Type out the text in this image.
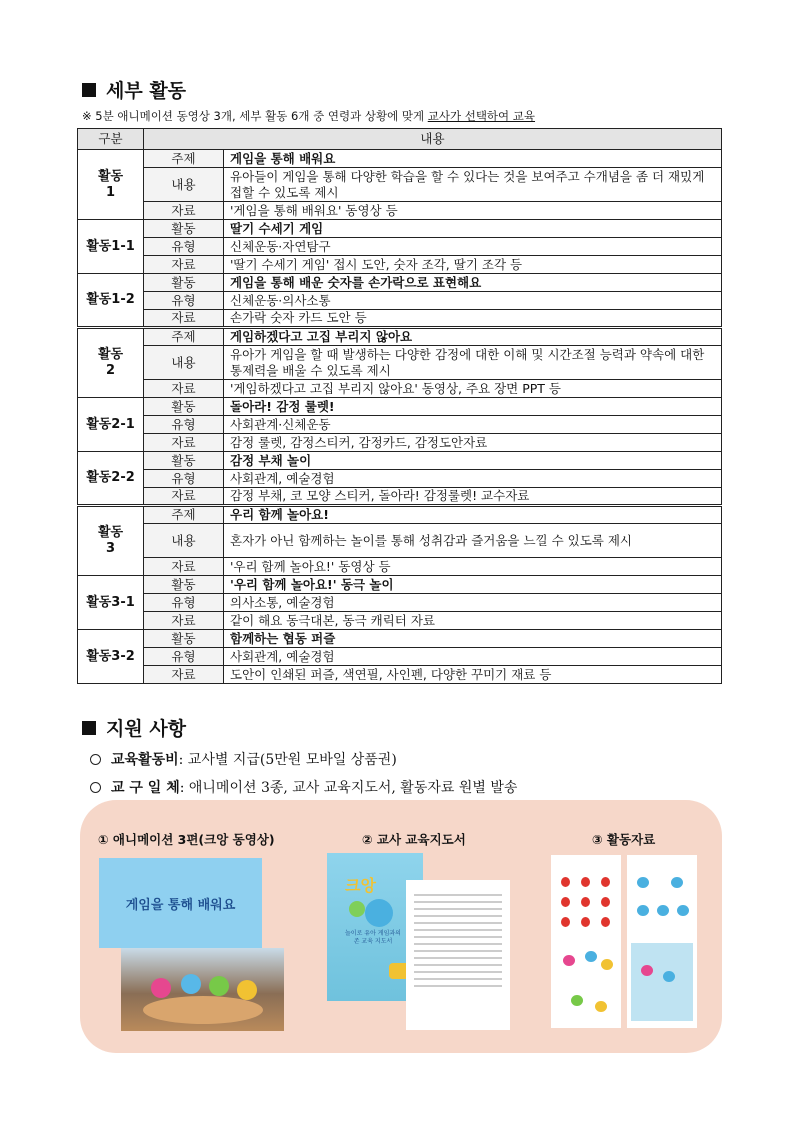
세부 활동
※ 5분 애니메이션 동영상 3개, 세부 활동 6개 중 연령과 상황에 맞게 교사가 선택하여 교육
구분	내용	
활동
1	주제	게임을 통해 배워요
	내용	유아들이 게임을 통해 다양한 학습을 할 수 있다는 것을 보여주고 수개념을 좀 더 재밌게 접할 수 있도록 제시
	자료	'게임을 통해 배워요' 동영상 등
활동1-1	활동	딸기 수세기 게임
	유형	신체운동·자연탐구
	자료	'딸기 수세기 게임' 접시 도안, 숫자 조각, 딸기 조각 등
활동1-2	활동	게임을 통해 배운 숫자를 손가락으로 표현해요
	유형	신체운동·의사소통
	자료	손가락 숫자 카드 도안 등
활동
2	주제	게임하겠다고 고집 부리지 않아요
	내용	유아가 게임을 할 때 발생하는 다양한 감정에 대한 이해 및 시간조절 능력과 약속에 대한 통제력을 배울 수 있도록 제시
	자료	'게임하겠다고 고집 부리지 않아요' 동영상, 주요 장면 PPT 등
활동2-1	활동	돌아라! 감정 룰렛!
	유형	사회관계·신체운동
	자료	감정 룰렛, 감정스티커, 감정카드, 감정도안자료
활동2-2	활동	감정 부채 놀이
	유형	사회관계, 예술경험
	자료	감정 부채, 코 모양 스티커, 돌아라! 감정룰렛! 교수자료
활동
3	주제	우리 함께 놀아요!
	내용	혼자가 아닌 함께하는 놀이를 통해 성취감과 즐거움을 느낄 수 있도록 제시
	자료	'우리 함께 놀아요!' 동영상 등
활동3-1	활동	'우리 함께 놀아요!' 동극 놀이
	유형	의사소통, 예술경험
	자료	같이 해요 동극대본, 동극 캐릭터 자료
활동3-2	활동	함께하는 협동 퍼즐
	유형	사회관계, 예술경험
	자료	도안이 인쇄된 퍼즐, 색연필, 사인펜, 다양한 꾸미기 재료 등
지원 사항
교육활동비: 교사별 지급(5만원 모바일 상품권)
교 구 일 체: 애니메이션 3종, 교사 교육지도서, 활동자료 원별 발송
① 애니메이션 3편(크앙 동영상)	② 교사 교육지도서	③ 활동자료
게임을 통해 배워요
크앙
놀이로 유아 게임과의존 교육 지도서
